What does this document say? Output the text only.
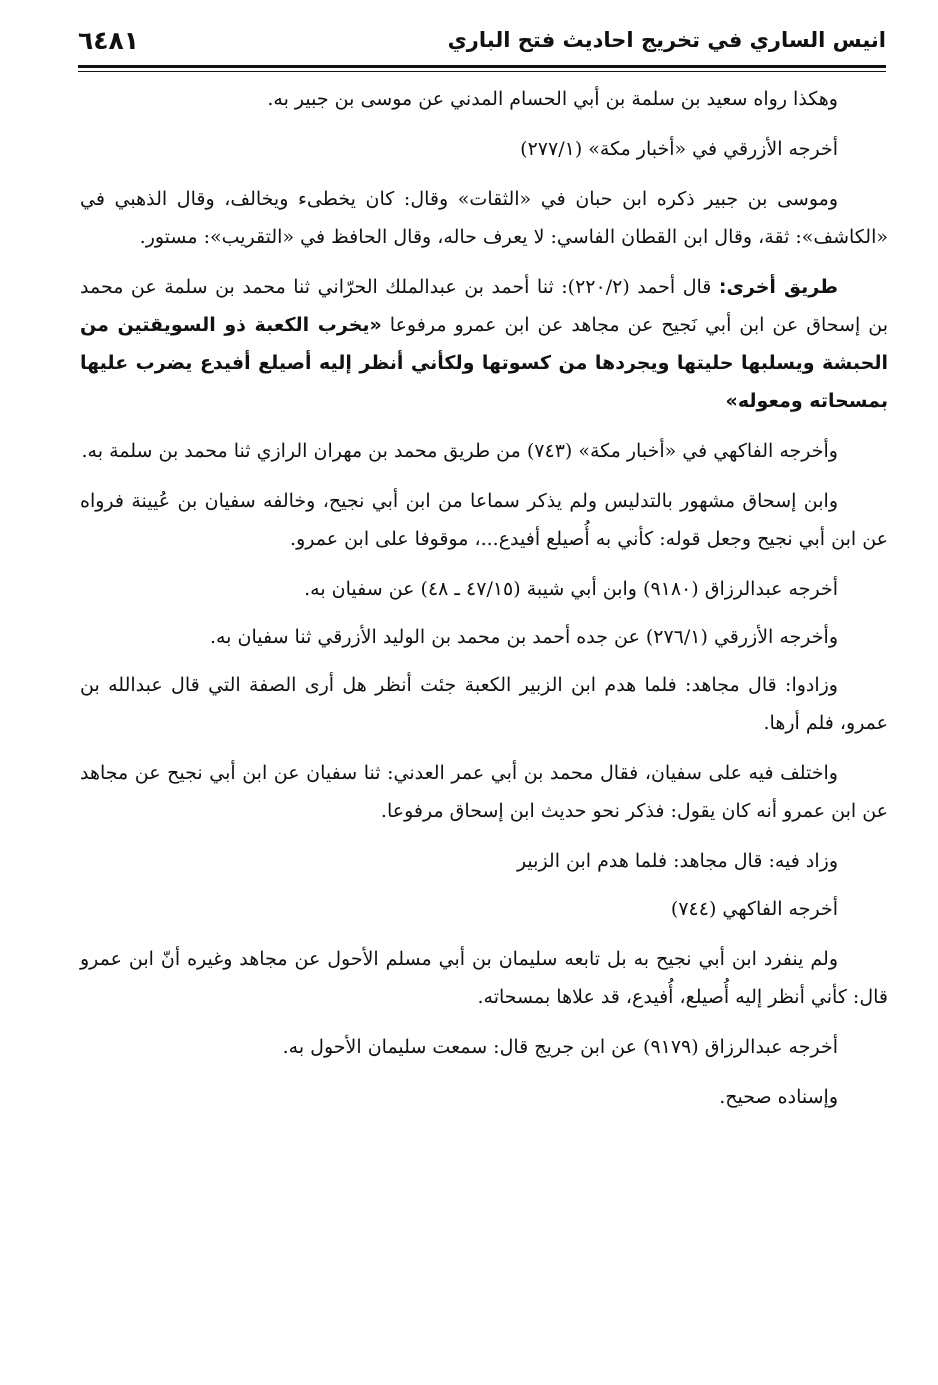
انيس الساري في تخريج احاديث فتح الباري
٦٤٨١

وهكذا رواه سعيد بن سلمة بن أبي الحسام المدني عن موسى بن جبير به.

أخرجه الأزرقي في «أخبار مكة» (٢٧٧/١)

وموسى بن جبير ذكره ابن حبان في «الثقات» وقال: كان يخطىء ويخالف، وقال الذهبي في «الكاشف»: ثقة، وقال ابن القطان الفاسي: لا يعرف حاله، وقال الحافظ في «التقريب»: مستور.

طريق أخرى: قال أحمد (٢٢٠/٢): ثنا أحمد بن عبدالملك الحرّاني ثنا محمد بن سلمة عن محمد بن إسحاق عن ابن أبي نَجيح عن مجاهد عن ابن عمرو مرفوعا «يخرب الكعبة ذو السويقتين من الحبشة ويسلبها حليتها ويجردها من كسوتها ولكأني أنظر إليه أصيلع أفيدع يضرب عليها بمسحاته ومعوله»

وأخرجه الفاكهي في «أخبار مكة» (٧٤٣) من طريق محمد بن مهران الرازي ثنا محمد بن سلمة به.

وابن إسحاق مشهور بالتدليس ولم يذكر سماعا من ابن أبي نجيح، وخالفه سفيان بن عُيينة فرواه عن ابن أبي نجيح وجعل قوله: كأني به أُصيلع أفيدع...، موقوفا على ابن عمرو.

أخرجه عبدالرزاق (٩١٨٠) وابن أبي شيبة (٤٧/١٥ ـ ٤٨) عن سفيان به.

وأخرجه الأزرقي (٢٧٦/١) عن جده أحمد بن محمد بن الوليد الأزرقي ثنا سفيان به.

وزادوا: قال مجاهد: فلما هدم ابن الزبير الكعبة جئت أنظر هل أرى الصفة التي قال عبدالله بن عمرو، فلم أرها.

واختلف فيه على سفيان، فقال محمد بن أبي عمر العدني: ثنا سفيان عن ابن أبي نجيح عن مجاهد عن ابن عمرو أنه كان يقول: فذكر نحو حديث ابن إسحاق مرفوعا.

وزاد فيه: قال مجاهد: فلما هدم ابن الزبير

أخرجه الفاكهي (٧٤٤)

ولم ينفرد ابن أبي نجيح به بل تابعه سليمان بن أبي مسلم الأحول عن مجاهد وغيره أنّ ابن عمرو قال: كأني أنظر إليه أُصيلع، أُفيدع، قد علاها بمسحاته.

أخرجه عبدالرزاق (٩١٧٩) عن ابن جريج قال: سمعت سليمان الأحول به.

وإسناده صحيح.
